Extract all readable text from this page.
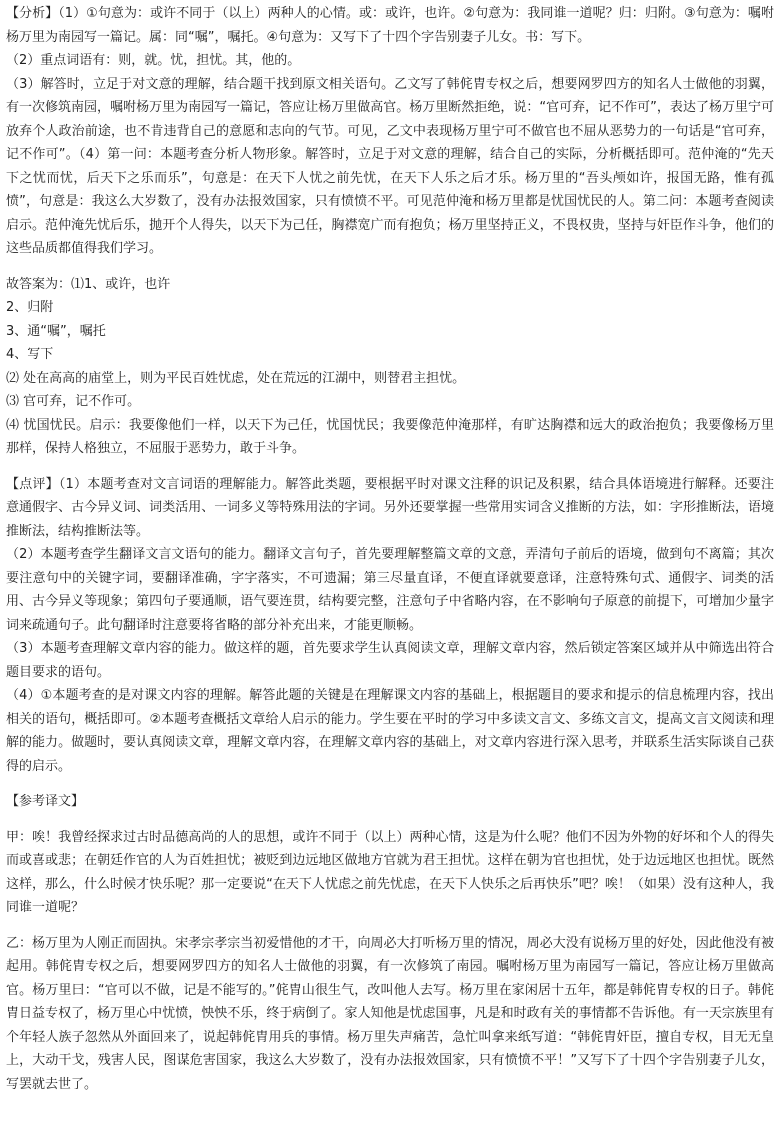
【分析】（1）①句意为：或许不同于（以上）两种人的心情。或：或许，也许。②句意为：我同谁一道呢？归：归附。③句意为：嘱咐杨万里为南园写一篇记。属：同“嘱”，嘱托。④句意为：又写下了十四个字告别妻子儿女。书：写下。

（2）重点词语有：则，就。忧，担忧。其，他的。

（3）解答时，立足于对文意的理解，结合题干找到原文相关语句。乙文写了韩侂胄专权之后，想要网罗四方的知名人士做他的羽翼，有一次修筑南园，嘱咐杨万里为南园写一篇记，答应让杨万里做高官。杨万里断然拒绝，说：“官可弃，记不作可”，表达了杨万里宁可放弃个人政治前途，也不肯违背自己的意愿和志向的气节。可见，乙文中表现杨万里宁可不做官也不屈从恶势力的一句话是“官可弃，记不作可”。（4）第一问：本题考查分析人物形象。解答时，立足于对文意的理解，结合自己的实际，分析概括即可。范仲淹的“先天下之忧而忧，后天下之乐而乐”，句意是：在天下人忧之前先忧，在天下人乐之后才乐。杨万里的“吾头颅如许，报国无路，惟有孤愤”，句意是：我这么大岁数了，没有办法报效国家，只有愤愤不平。可见范仲淹和杨万里都是忧国忧民的人。第二问：本题考查阅读启示。范仲淹先忧后乐，抛开个人得失，以天下为己任，胸襟宽广而有抱负；杨万里坚持正义，不畏权贵，坚持与奸臣作斗争，他们的这些品质都值得我们学习。

故答案为：⑴1、或许，也许

2、归附

3、通“嘱”，嘱托

4、写下

⑵ 处在高高的庙堂上，则为平民百姓忧虑，处在荒远的江湖中，则替君主担忧。

⑶ 官可弃，记不作可。

⑷ 忧国忧民。启示：我要像他们一样，以天下为己任，忧国忧民；我要像范仲淹那样，有旷达胸襟和远大的政治抱负；我要像杨万里那样，保持人格独立，不屈服于恶势力，敢于斗争。

【点评】（1）本题考查对文言词语的理解能力。解答此类题，要根据平时对课文注释的识记及积累，结合具体语境进行解释。还要注意通假字、古今异义词、词类活用、一词多义等特殊用法的字词。另外还要掌握一些常用实词含义推断的方法，如：字形推断法，语境推断法，结构推断法等。

（2）本题考查学生翻译文言文语句的能力。翻译文言句子，首先要理解整篇文章的文意，弄清句子前后的语境，做到句不离篇；其次要注意句中的关键字词，要翻译准确，字字落实，不可遗漏；第三尽量直译，不便直译就要意译，注意特殊句式、通假字、词类的活用、古今异义等现象；第四句子要通顺，语气要连贯，结构要完整，注意句子中省略内容，在不影响句子原意的前提下，可增加少量字词来疏通句子。此句翻译时注意要将省略的部分补充出来，才能更顺畅。

（3）本题考查理解文章内容的能力。做这样的题，首先要求学生认真阅读文章，理解文章内容，然后锁定答案区域并从中筛选出符合题目要求的语句。

（4）①本题考查的是对课文内容的理解。解答此题的关键是在理解课文内容的基础上，根据题目的要求和提示的信息梳理内容，找出相关的语句，概括即可。②本题考查概括文章给人启示的能力。学生要在平时的学习中多读文言文、多练文言文，提高文言文阅读和理解的能力。做题时，要认真阅读文章，理解文章内容，在理解文章内容的基础上，对文章内容进行深入思考，并联系生活实际谈自己获得的启示。

【参考译文】

甲：唉！我曾经探求过古时品德高尚的人的思想，或许不同于（以上）两种心情，这是为什么呢？他们不因为外物的好坏和个人的得失而或喜或悲；在朝廷作官的人为百姓担忧；被贬到边远地区做地方官就为君王担忧。这样在朝为官也担忧，处于边远地区也担忧。既然这样，那么，什么时候才快乐呢？那一定要说“在天下人忧虑之前先忧虑，在天下人快乐之后再快乐”吧？唉！（如果）没有这种人，我同谁一道呢？

乙：杨万里为人刚正而固执。宋孝宗孝宗当初爱惜他的才干，向周必大打听杨万里的情况，周必大没有说杨万里的好处，因此他没有被起用。韩侂胄专权之后，想要网罗四方的知名人士做他的羽翼，有一次修筑了南园。嘱咐杨万里为南园写一篇记，答应让杨万里做高官。杨万里曰：“官可以不做，记是不能写的。”侂胄山很生气，改叫他人去写。杨万里在家闲居十五年，都是韩侂胄专权的日子。韩侂胄日益专权了，杨万里心中忧愤，怏怏不乐，终于病倒了。家人知他是忧虑国事，凡是和时政有关的事情都不告诉他。有一天宗族里有个年轻人族子忽然从外面回来了，说起韩侂胄用兵的事情。杨万里失声痛苦，急忙叫拿来纸写道：“韩侂胄奸臣，擅自专权，目无无皇上，大动干戈，残害人民，图谋危害国家，我这么大岁数了，没有办法报效国家，只有愤愤不平！”又写下了十四个字告别妻子儿女，写罢就去世了。
